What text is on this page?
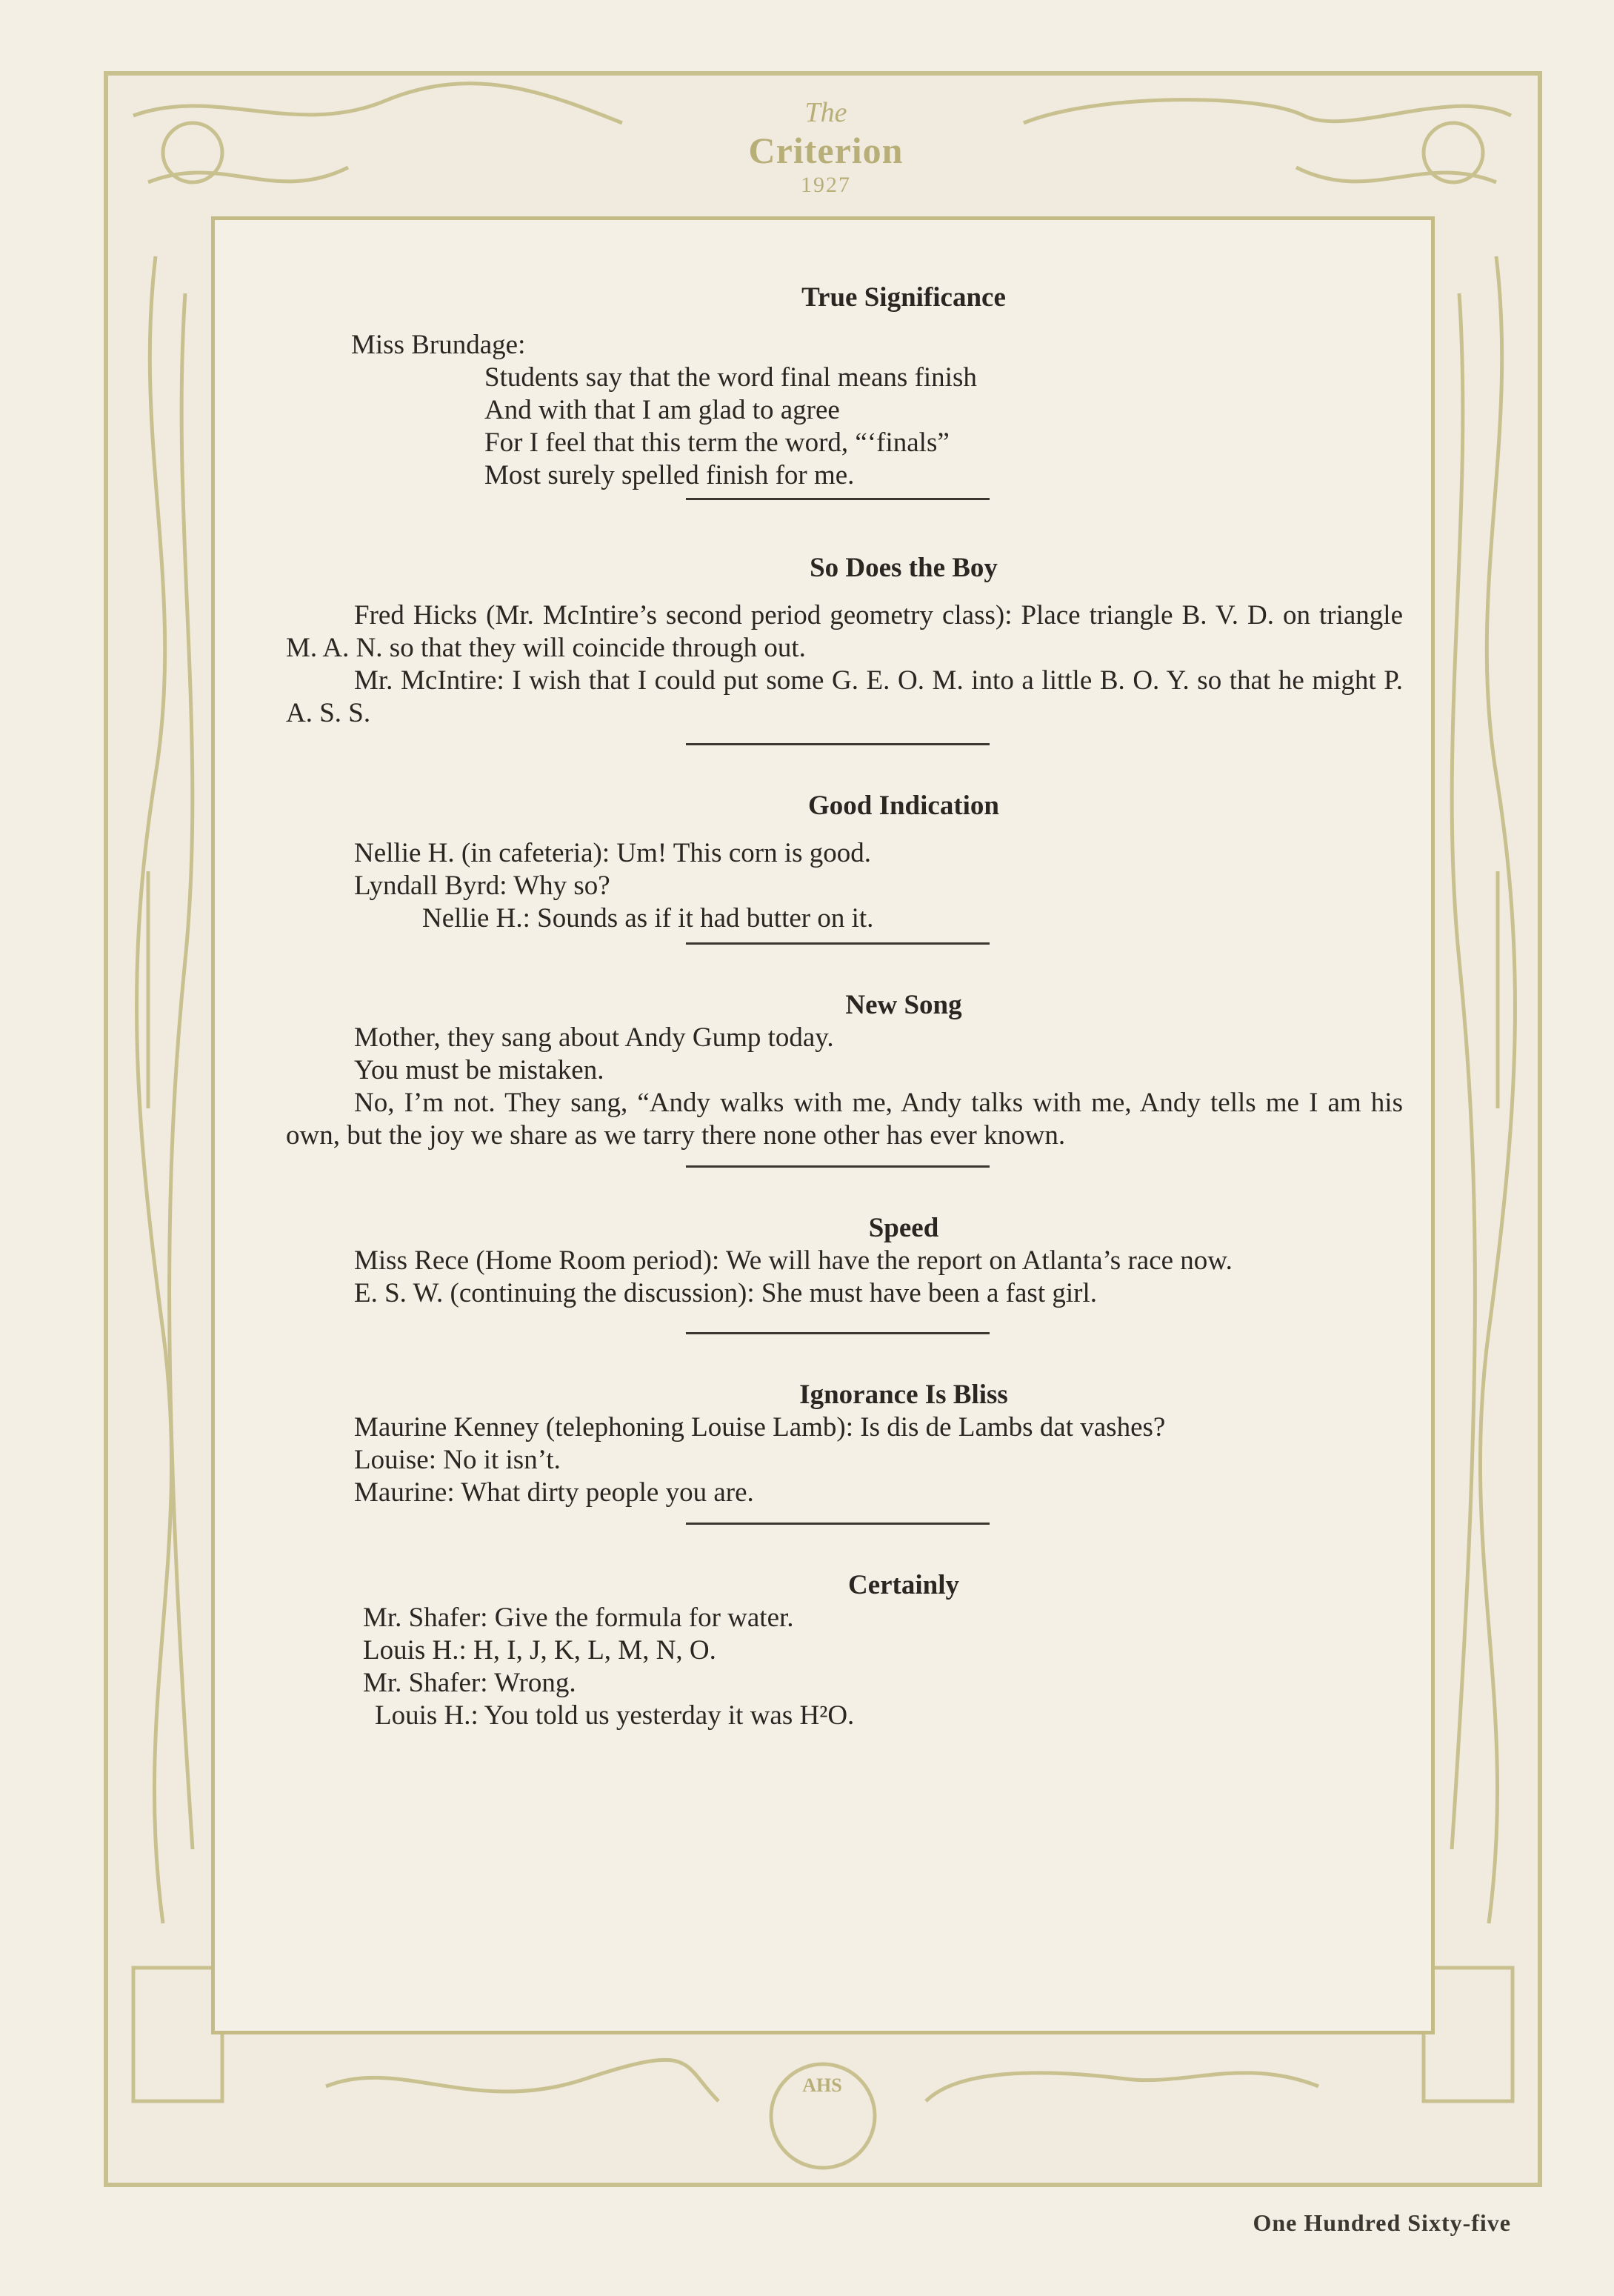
The
Criterion
1927
AHS
True Significance
Miss Brundage:
Students say that the word final means finish
And with that I am glad to agree
For I feel that this term the word, “‘finals”
Most surely spelled finish for me.
So Does the Boy
Fred Hicks (Mr. McIntire’s second period geometry class): Place triangle B. V. D. on triangle M. A. N. so that they will coincide through out.
Mr. McIntire: I wish that I could put some G. E. O. M. into a little B. O. Y. so that he might P. A. S. S.
Good Indication
Nellie H. (in cafeteria): Um! This corn is good.
Lyndall Byrd: Why so?
Nellie H.: Sounds as if it had butter on it.
New Song
Mother, they sang about Andy Gump today.
You must be mistaken.
No, I’m not. They sang, “Andy walks with me, Andy talks with me, Andy tells me I am his own, but the joy we share as we tarry there none other has ever known.
Speed
Miss Rece (Home Room period): We will have the report on Atlanta’s race now.
E. S. W. (continuing the discussion): She must have been a fast girl.
Ignorance Is Bliss
Maurine Kenney (telephoning Louise Lamb): Is dis de Lambs dat vashes?
Louise: No it isn’t.
Maurine: What dirty people you are.
Certainly
Mr. Shafer: Give the formula for water.
Louis H.: H, I, J, K, L, M, N, O.
Mr. Shafer: Wrong.
Louis H.: You told us yesterday it was H²O.
One Hundred Sixty-five
